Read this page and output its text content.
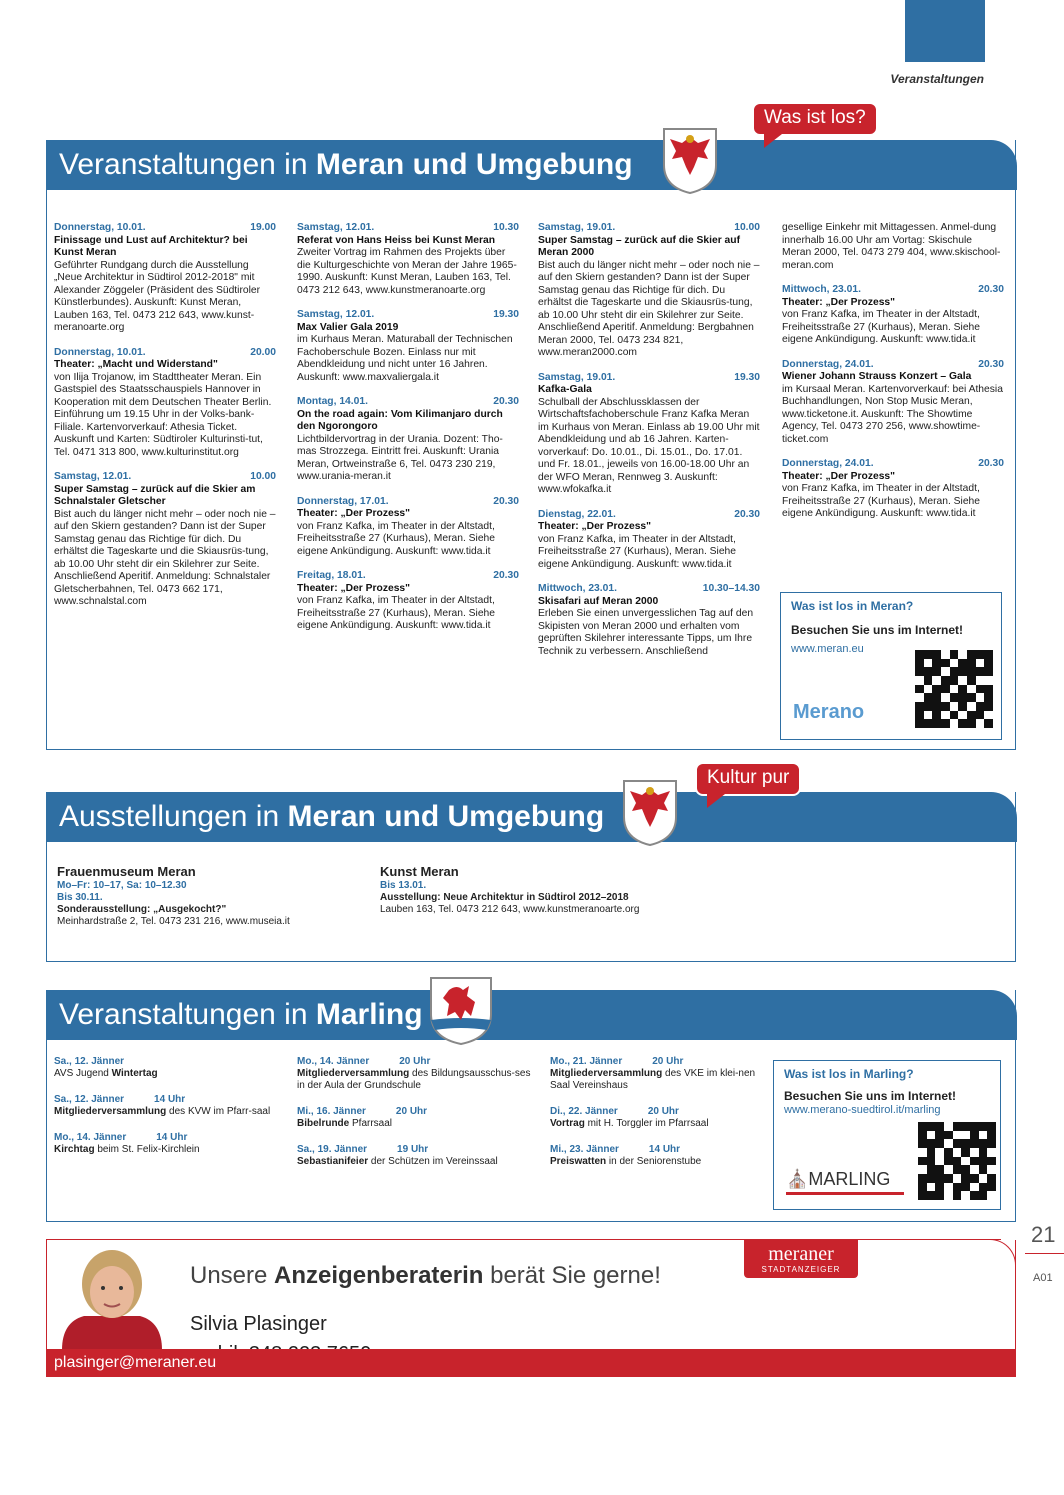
Veranstaltungen
Veranstaltungen in Meran und Umgebung
Was ist los?
Donnerstag, 10.01.	19.00
Finissage und Lust auf Architektur? bei Kunst Meran
Geführter Rundgang durch die Ausstellung „Neue Architektur in Südtirol 2012-2018" mit Alexander Zöggeler (Präsident des Südtiroler Künstlerbundes). Auskunft: Kunst Meran, Lauben 163, Tel. 0473 212 643, www.kunst-meranoarte.org
Donnerstag, 10.01.	20.00
Theater: „Macht und Widerstand"
von Ilija Trojanow, im Stadttheater Meran. Ein Gastspiel des Staatsschauspiels Hannover in Kooperation mit dem Deutschen Theater Berlin. Einführung um 19.15 Uhr in der Volks-bank-Filiale. Kartenvorverkauf: Athesia Ticket. Auskunft und Karten: Südtiroler Kulturinsti-tut, Tel. 0471 313 800, www.kulturinstitut.org
Samstag, 12.01.	10.00
Super Samstag – zurück auf die Skier am Schnalstaler Gletscher
Bist auch du länger nicht mehr – oder noch nie – auf den Skiern gestanden? Dann ist der Super Samstag genau das Richtige für dich. Du erhältst die Tageskarte und die Skiausrüs-tung, ab 10.00 Uhr steht dir ein Skilehrer zur Seite. Anschließend Aperitif. Anmeldung: Schnalstaler Gletscherbahnen, Tel. 0473 662 171, www.schnalstal.com
Samstag, 12.01.	10.30
Referat von Hans Heiss bei Kunst Meran
Zweiter Vortrag im Rahmen des Projekts über die Kulturgeschichte von Meran der Jahre 1965-1990. Auskunft: Kunst Meran, Lauben 163, Tel. 0473 212 643, www.kunstmeranoarte.org
Samstag, 12.01.	19.30
Max Valier Gala 2019
im Kurhaus Meran. Maturaball der Technischen Fachoberschule Bozen. Einlass nur mit Abendkleidung und nicht unter 16 Jahren. Auskunft: www.maxvaliergala.it
Montag, 14.01.	20.30
On the road again: Vom Kilimanjaro durch den Ngorongoro
Lichtbildervortrag in der Urania. Dozent: Tho-mas Strozzega. Eintritt frei. Auskunft: Urania Meran, Ortweinstraße 6, Tel. 0473 230 219, www.urania-meran.it
Donnerstag, 17.01.	20.30
Theater: „Der Prozess"
von Franz Kafka, im Theater in der Altstadt, Freiheitsstraße 27 (Kurhaus), Meran. Siehe eigene Ankündigung. Auskunft: www.tida.it
Freitag, 18.01.	20.30
Theater: „Der Prozess"
von Franz Kafka, im Theater in der Altstadt, Freiheitsstraße 27 (Kurhaus), Meran. Siehe eigene Ankündigung. Auskunft: www.tida.it
Samstag, 19.01.	10.00
Super Samstag – zurück auf die Skier auf Meran 2000
Bist auch du länger nicht mehr – oder noch nie – auf den Skiern gestanden? Dann ist der Super Samstag genau das Richtige für dich. Du erhältst die Tageskarte und die Skiausrüs-tung, ab 10.00 Uhr steht dir ein Skilehrer zur Seite. Anschließend Aperitif. Anmeldung: Bergbahnen Meran 2000, Tel. 0473 234 821, www.meran2000.com
Samstag, 19.01.	19.30
Kafka-Gala
Schulball der Abschlussklassen der Wirtschaftsfachoberschule Franz Kafka Meran im Kurhaus von Meran. Einlass ab 19.00 Uhr mit Abendkleidung und ab 16 Jahren. Karten-vorverkauf: Do. 10.01., Di. 15.01., Do. 17.01. und Fr. 18.01., jeweils von 16.00-18.00 Uhr an der WFO Meran, Rennweg 3. Auskunft: www.wfokafka.it
Dienstag, 22.01.	20.30
Theater: „Der Prozess"
von Franz Kafka, im Theater in der Altstadt, Freiheitsstraße 27 (Kurhaus), Meran. Siehe eigene Ankündigung. Auskunft: www.tida.it
Mittwoch, 23.01.	10.30–14.30
Skisafari auf Meran 2000
Erleben Sie einen unvergesslichen Tag auf den Skipisten von Meran 2000 und erhalten vom geprüften Skilehrer interessante Tipps, um Ihre Technik zu verbessern. Anschließend
gesellige Einkehr mit Mittagessen. Anmel-dung innerhalb 16.00 Uhr am Vortag: Skischule Meran 2000, Tel. 0473 279 404, www.skischool-meran.com
Mittwoch, 23.01.	20.30
Theater: „Der Prozess"
von Franz Kafka, im Theater in der Altstadt, Freiheitsstraße 27 (Kurhaus), Meran. Siehe eigene Ankündigung. Auskunft: www.tida.it
Donnerstag, 24.01.	20.30
Wiener Johann Strauss Konzert – Gala
im Kursaal Meran. Kartenvorverkauf: bei Athesia Buchhandlungen, Non Stop Music Meran, www.ticketone.it. Auskunft: The Showtime Agency, Tel. 0473 270 256, www.showtime-ticket.com
Donnerstag, 24.01.	20.30
Theater: „Der Prozess"
von Franz Kafka, im Theater in der Altstadt, Freiheitsstraße 27 (Kurhaus), Meran. Siehe eigene Ankündigung. Auskunft: www.tida.it
Was ist los in Meran?
Besuchen Sie uns im Internet!
www.meran.eu
Merano
Ausstellungen in Meran und Umgebung
Kultur pur
Frauenmuseum Meran
Mo–Fr: 10–17, Sa: 10–12.30
Bis 30.11.
Sonderausstellung: „Ausgekocht?"
Meinhardstraße 2, Tel. 0473 231 216, www.museia.it
Kunst Meran
Bis 13.01.
Ausstellung: Neue Architektur in Südtirol 2012–2018
Lauben 163, Tel. 0473 212 643, www.kunstmeranoarte.org
Veranstaltungen in Marling
Sa., 12. Jänner
AVS Jugend Wintertag
Sa., 12. Jänner	14 Uhr
Mitgliederversammlung des KVW im Pfarr-saal
Mo., 14. Jänner	14 Uhr
Kirchtag beim St. Felix-Kirchlein
Mo., 14. Jänner	20 Uhr
Mitgliederversammlung des Bildungsausschus-ses in der Aula der Grundschule
Mi., 16. Jänner	20 Uhr
Bibelrunde Pfarrsaal
Sa., 19. Jänner	19 Uhr
Sebastianifeier der Schützen im Vereinssaal
Mo., 21. Jänner	20 Uhr
Mitgliederversammlung des VKE im klei-nen Saal Vereinshaus
Di., 22. Jänner	20 Uhr
Vortrag mit H. Torggler im Pfarrsaal
Mi., 23. Jänner	14 Uhr
Preiswatten in der Seniorenstube
Was ist los in Marling?
Besuchen Sie uns im Internet!
www.merano-suedtirol.it/marling
⛪MARLING
21
A01
Unsere Anzeigenberaterin berät Sie gerne!
Silvia Plasinger
meraner
STADTANZEIGER
plasinger@meraner.eu
